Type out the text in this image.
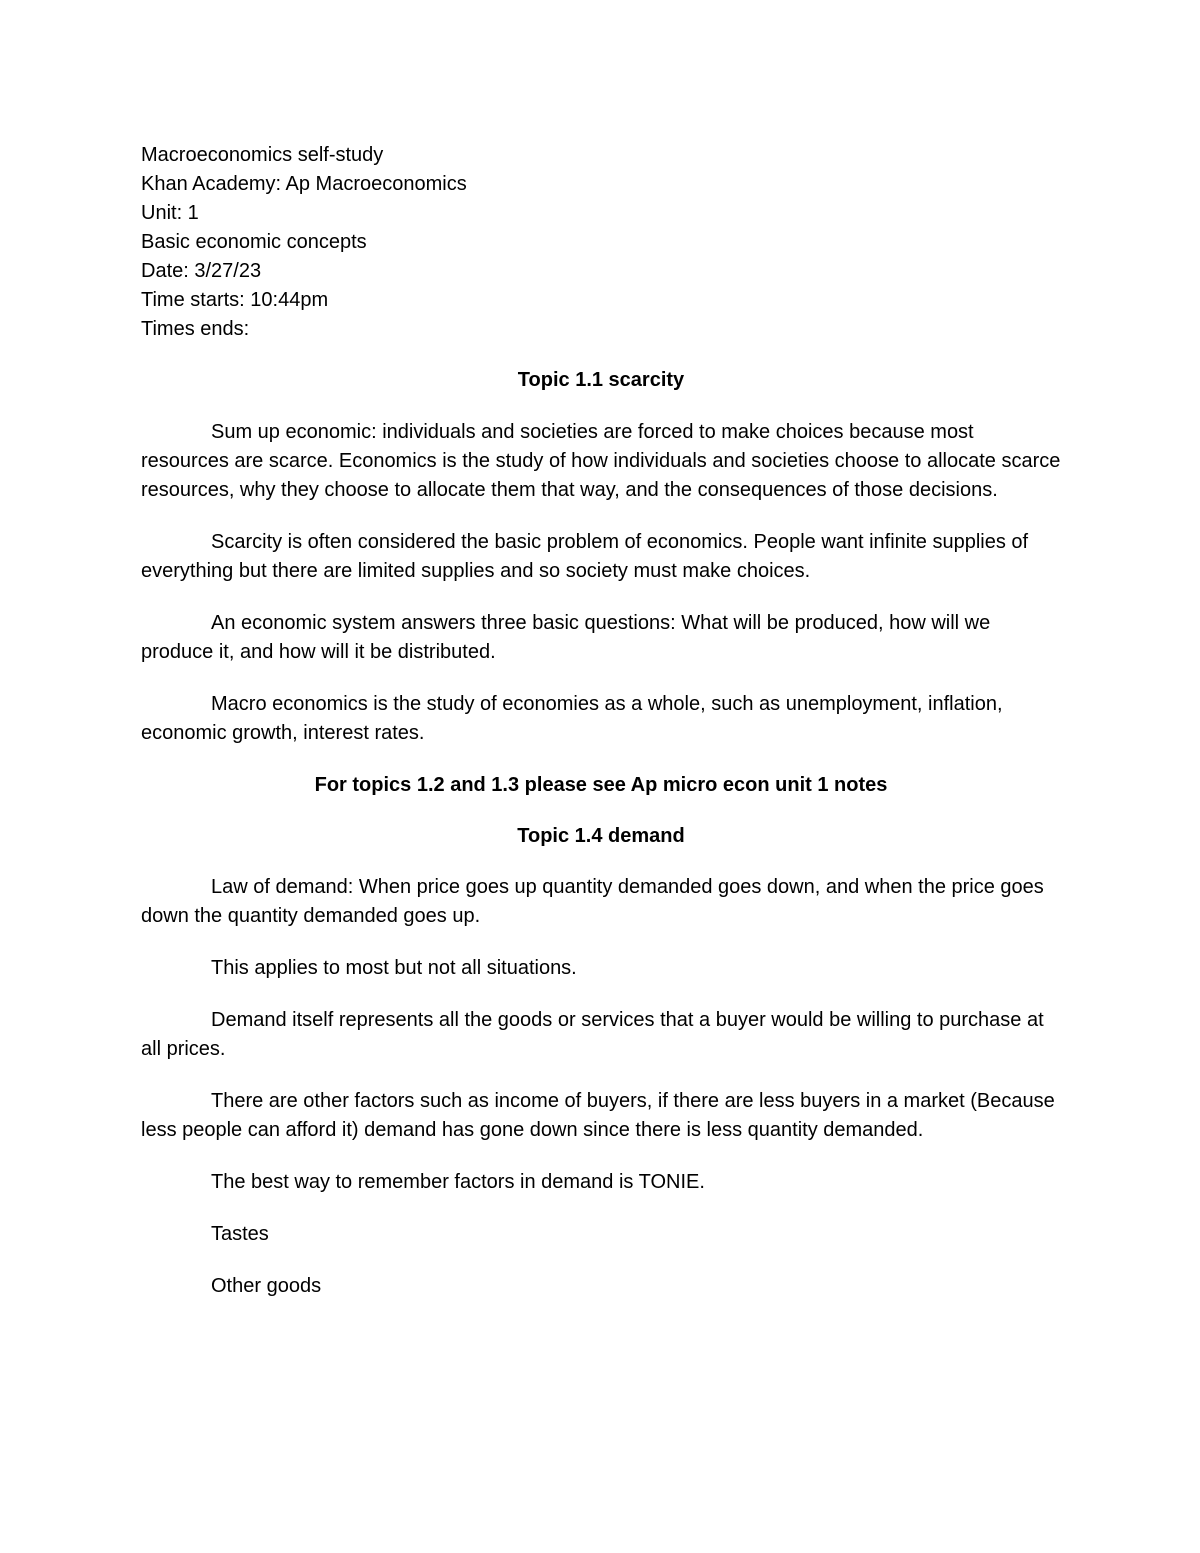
Macroeconomics self-study

Khan Academy: Ap Macroeconomics

Unit: 1

Basic economic concepts

Date: 3/27/23

Time starts: 10:44pm

Times ends:

Topic 1.1 scarcity

Sum up economic: individuals and societies are forced to make choices because most resources are scarce. Economics is the study of how individuals and societies choose to allocate scarce resources, why they choose to allocate them that way, and the consequences of those decisions.

Scarcity is often considered the basic problem of economics. People want infinite supplies of everything but there are limited supplies and so society must make choices.

An economic system answers three basic questions: What will be produced, how will we produce it, and how will it be distributed.

Macro economics is the study of economies as a whole, such as unemployment, inflation, economic growth, interest rates.

For topics 1.2 and 1.3 please see Ap micro econ unit 1 notes

Topic 1.4 demand

Law of demand: When price goes up quantity demanded goes down, and when the price goes down the quantity demanded goes up.

This applies to most but not all situations.

Demand itself represents all the goods or services that a buyer would be willing to purchase at all prices.

There are other factors such as income of buyers, if there are less buyers in a market (Because less people can afford it) demand has gone down since there is less quantity demanded.

The best way to remember factors in demand is TONIE.

Tastes

Other goods
